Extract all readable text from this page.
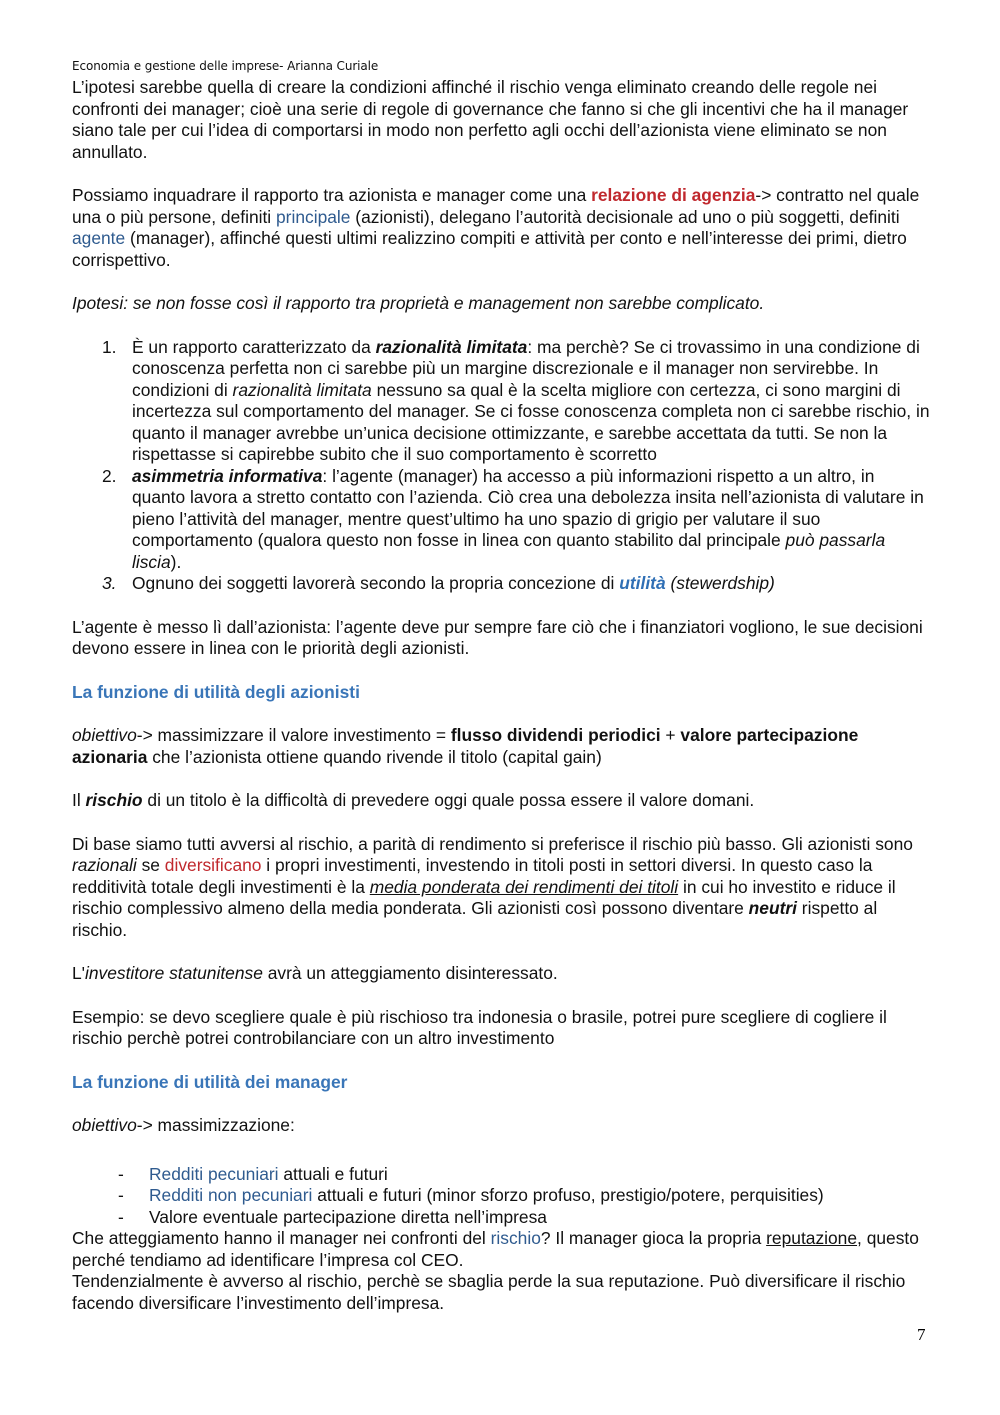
Economia e gestione delle imprese- Arianna Curiale

L’ipotesi sarebbe quella di creare la condizioni affinché il rischio venga eliminato creando delle regole nei confronti dei manager; cioè una serie di regole di governance che fanno si che gli incentivi che ha il manager siano tale per cui l’idea di comportarsi in modo non perfetto agli occhi dell’azionista viene eliminato se non annullato.

Possiamo inquadrare il rapporto tra azionista e manager come una relazione di agenzia-> contratto nel quale una o più persone, definiti principale (azionisti), delegano l’autorità decisionale ad uno o più soggetti, definiti agente (manager), affinché questi ultimi realizzino compiti e attività per conto e nell’interesse dei primi, dietro corrispettivo.

Ipotesi: se non fosse così il rapporto tra proprietà e management non sarebbe complicato.

1. È un rapporto caratterizzato da razionalità limitata: ma perchè? Se ci trovassimo in una condizione di conoscenza perfetta non ci sarebbe più un margine discrezionale e il manager non servirebbe. In condizioni di razionalità limitata nessuno sa qual è la scelta migliore con certezza, ci sono margini di incertezza sul comportamento del manager. Se ci fosse conoscenza completa non ci sarebbe rischio, in quanto il manager avrebbe un’unica decisione ottimizzante, e sarebbe accettata da tutti. Se non la rispettasse si capirebbe subito che il suo comportamento è scorretto
2. asimmetria informativa: l’agente (manager) ha accesso a più informazioni rispetto a un altro, in quanto lavora a stretto contatto con l’azienda. Ciò crea una debolezza insita nell’azionista di valutare in pieno l’attività del manager, mentre quest’ultimo ha uno spazio di grigio per valutare il suo comportamento (qualora questo non fosse in linea con quanto stabilito dal principale può passarla liscia).
3. Ognuno dei soggetti lavorerà secondo la propria concezione di utilità (stewerdship)

L’agente è messo lì dall’azionista: l’agente deve pur sempre fare ciò che i finanziatori vogliono, le sue decisioni devono essere in linea con le priorità degli azionisti.

La funzione di utilità degli azionisti

obiettivo-> massimizzare il valore investimento = flusso dividendi periodici + valore partecipazione azionaria che l’azionista ottiene quando rivende il titolo (capital gain)

Il rischio di un titolo è la difficoltà di prevedere oggi quale possa essere il valore domani.

Di base siamo tutti avversi al rischio, a parità di rendimento si preferisce il rischio più basso. Gli azionisti sono razionali se diversificano i propri investimenti, investendo in titoli posti in settori diversi. In questo caso la redditività totale degli investimenti è la media ponderata dei rendimenti dei titoli in cui ho investito e riduce il rischio complessivo almeno della media ponderata. Gli azionisti così possono diventare neutri rispetto al rischio.

L'investitore statunitense avrà un atteggiamento disinteressato.

Esempio: se devo scegliere quale è più rischioso tra indonesia o brasile, potrei pure scegliere di cogliere il rischio perchè potrei controbilanciare con un altro investimento

La funzione di utilità dei manager

obiettivo-> massimizzazione:

- Redditi pecuniari attuali e futuri
- Redditi non pecuniari attuali e futuri (minor sforzo profuso, prestigio/potere, perquisities)
- Valore eventuale partecipazione diretta nell’impresa

Che atteggiamento hanno il manager nei confronti del rischio? Il manager gioca la propria reputazione, questo perché tendiamo ad identificare l’impresa col CEO.

Tendenzialmente è avverso al rischio, perchè se sbaglia perde la sua reputazione. Può diversificare il rischio facendo diversificare l’investimento dell’impresa.

7
